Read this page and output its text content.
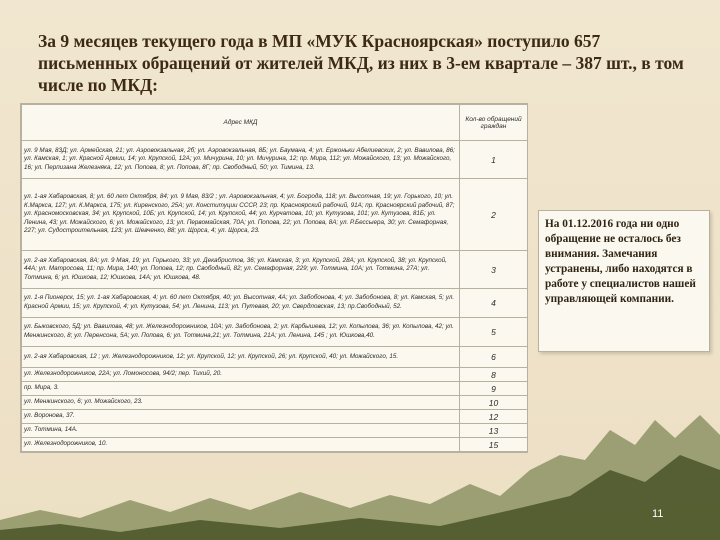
За 9 месяцев текущего года в МП «МУК Красноярская» поступило 657 письменных обращений от жителей МКД, из них в 3-ем квартале – 387 шт., в том числе по МКД:
Адрес МКД	Кол-во обращений граждан
ул. 9 Мая, 83Д; ул. Армейская, 21; ул. Аэровокзальная, 2б; ул. Аэровокзальная, 8Б; ул. Баумана, 4; ул. Ержоньки Абелиевских, 2; ул. Вавилова, 86; ул. Камская, 1; ул. Красной Армии, 14; ул. Крупской, 12А; ул. Мичурина, 10; ул. Мичурина, 12; пр. Мира, 112; ул. Можайского, 13; ул. Можайского, 16; ул. Перпизана Железняка, 12; ул. Попова, 8; ул. Попова, 8Г; пр. Свободный, 50; ул. Тимина, 13.	1
ул. 1-ая Хабаровская, 8; ул. 60 лет Октября, 84; ул. 9 Мая, 83/2 ; ул. Аэровокзальная, 4; ул. Богрода, 118; ул. Высотная, 19; ул. Горького, 10; ул. К.Маркса, 127; ул. К.Маркса, 175; ул. Киренского, 25А; ул. Конституции СССР, 23; пр. Красноярский рабочий, 91А; пр. Красноярский рабочий, 87; ул. Красномосковская, 34; ул. Крупской, 10Б; ул. Крупской, 14; ул. Крупской, 44; ул. Курчатова, 10; ул. Кутузова, 101; ул. Кутузова, 81Б; ул. Ленина, 43; ул. Можайского, 6; ул. Можайского, 13; ул. Первомайская, 70А; ул. Попова, 22; ул. Попова, 8А; ул. Р.Бессыера, 30; ул. Семафорная, 227; ул. Судостроительная, 123; ул. Шевченко, 88; ул. Щорса, 4; ул. Щорса, 23.	2
ул. 2-ая Хабаровская, 8А; ул. 9 Мая, 19; ул. Горького, 33; ул. Декабристов, 36; ул. Камская, 3; ул. Крупской, 28А; ул. Крупской, 38; ул. Крупской, 44А; ул. Матросова, 11; пр. Мира, 140; ул. Попова, 12; пр. Свободный, 82; ул. Семафорная, 229; ул. Тотмина, 10А; ул. Тотмина, 27А; ул. Тотмина, 6; ул. Юшкова, 12; Юшкова, 14А; ул. Юшкова, 48.	3
ул. 1-я Пионерск, 15; ул. 1-ая Хабаровская, 4; ул. 60 лет Октября, 40; ул. Высотная, 4А; ул. Забобонова, 4; ул. Забобонова, 8; ул. Камская, 5; ул. Красной Армии, 15; ул. Крупской, 4; ул. Кутузова, 54; ул. Ленина, 113; ул. Путевая, 20; ул. Свердловская, 13; пр.Свободный, 52.	4
ул. Быковского, 5Д; ул. Вавилова, 48; ул. Железнодорожников, 10А; ул. Забобонова, 2; ул. Карбышева, 12; ул. Копылова, 36; ул. Копылова, 42; ул. Менжинского, 8; ул. Перенсона, 5А; ул. Попова, 6; ул. Тотмина,21; ул. Тотмина, 21А; ул. Ленина, 145 ; ул. Юшкова,40.	5
ул. 2-ая Хабаровская, 12 ; ул. Железнодорожников, 12; ул. Крупской, 12; ул. Крупской, 26; ул. Крупской, 40; ул. Можайского, 15.	6
ул. Железнодорожников, 22А; ул. Ломоносова, 94/2; пер. Тихий, 20.	8
пр. Мира, 3.	9
ул. Менжинского, 6; ул. Можайского, 23.	10
ул. Воронова, 37.	12
ул. Тотмина, 14А.	13
ул. Железнодорожников, 10.	15
На 01.12.2016 года ни одно обращение не осталось без внимания. Замечания устранены, либо находятся в работе у специалистов нашей управляющей компании.
11
